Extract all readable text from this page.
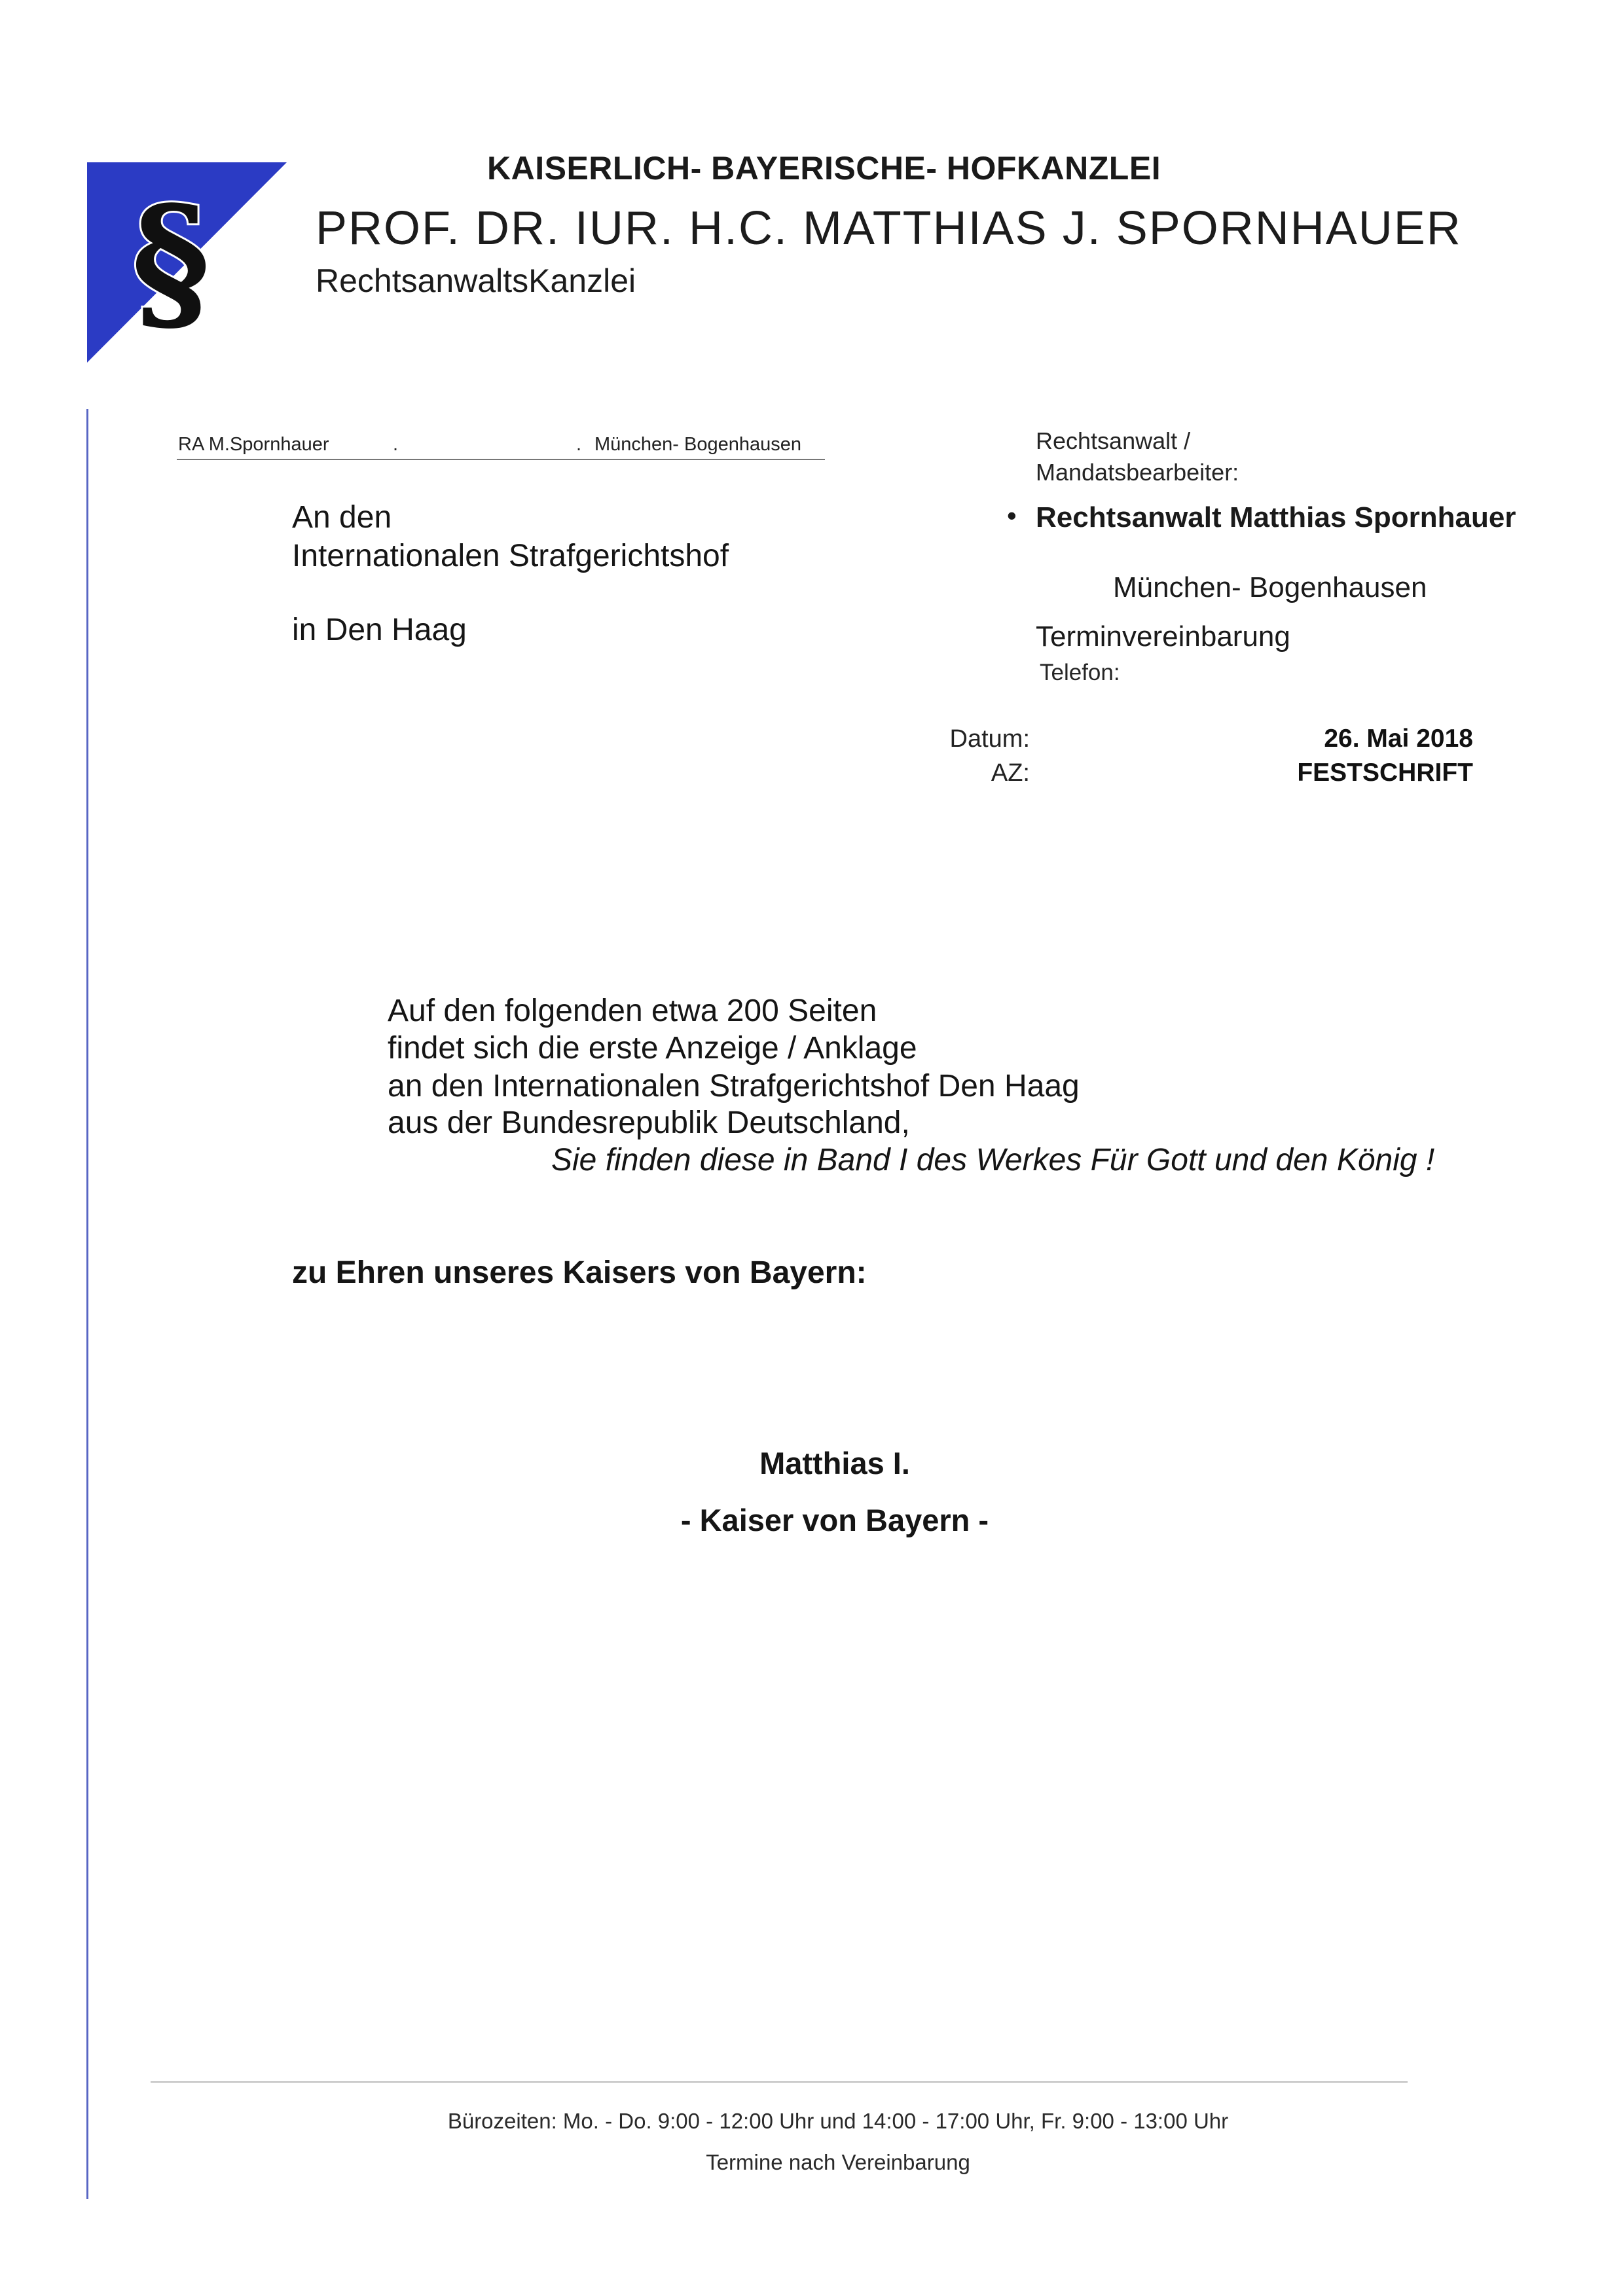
§
KAISERLICH- BAYERISCHE- HOFKANZLEI
PROF. DR. IUR. H.C. MATTHIAS J. SPORNHAUER
RechtsanwaltsKanzlei
RA M.Spornhauer	.	. München- Bogenhausen
An den
Internationalen Strafgerichtshof
in Den Haag
Rechtsanwalt /
Mandatsbearbeiter:
• Rechtsanwalt Matthias Spornhauer
München- Bogenhausen
Terminvereinbarung
Telefon:
Datum:	26. Mai 2018
AZ:	FESTSCHRIFT
Auf den folgenden etwa 200 Seiten
findet sich die erste Anzeige / Anklage
an den Internationalen Strafgerichtshof Den Haag
aus der Bundesrepublik Deutschland,
Sie finden diese in Band I des Werkes Für Gott und den König !
zu Ehren unseres Kaisers von Bayern:
Matthias I.
- Kaiser von Bayern -
Bürozeiten: Mo. - Do. 9:00 - 12:00 Uhr und 14:00 - 17:00 Uhr, Fr. 9:00 - 13:00 Uhr
Termine nach Vereinbarung
